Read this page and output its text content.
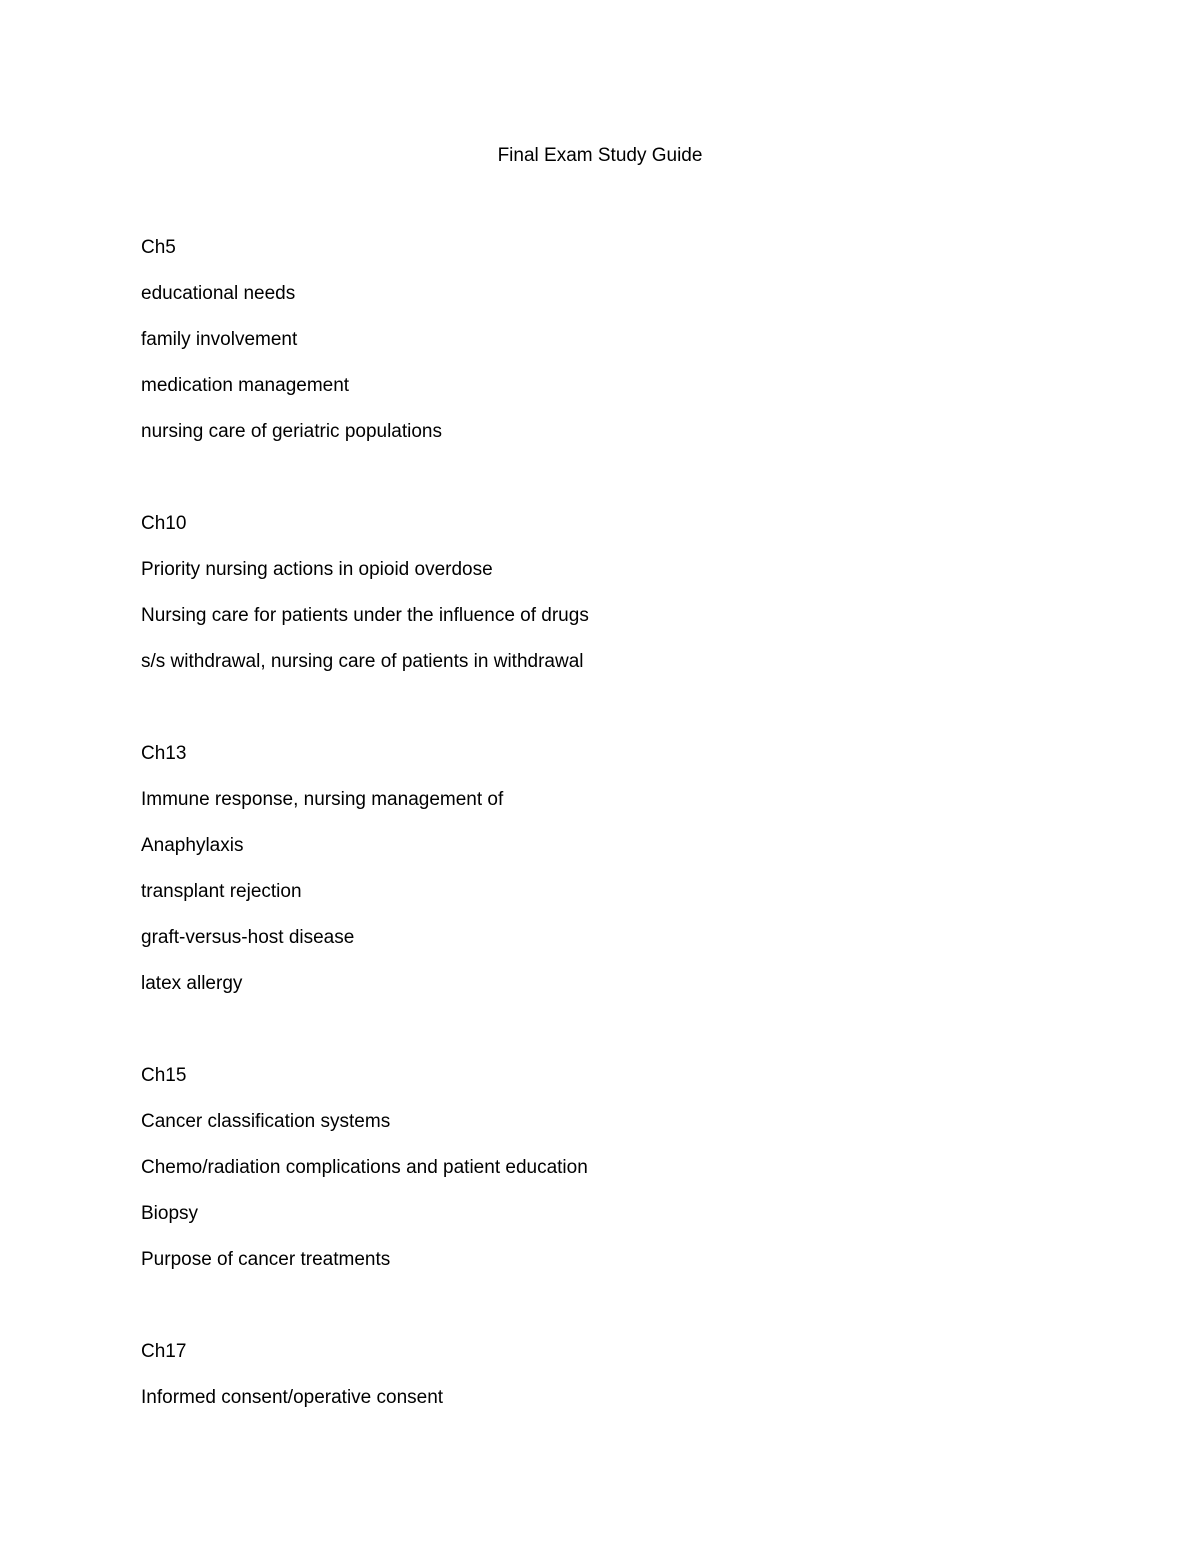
Final Exam Study Guide

Ch5

educational needs

family involvement

medication management

nursing care of geriatric populations

Ch10

Priority nursing actions in opioid overdose

Nursing care for patients under the influence of drugs

s/s withdrawal, nursing care of patients in withdrawal

Ch13

Immune response, nursing management of

Anaphylaxis

transplant rejection

graft-versus-host disease

latex allergy

Ch15

Cancer classification systems

Chemo/radiation complications and patient education

Biopsy

Purpose of cancer treatments

Ch17

Informed consent/operative consent
